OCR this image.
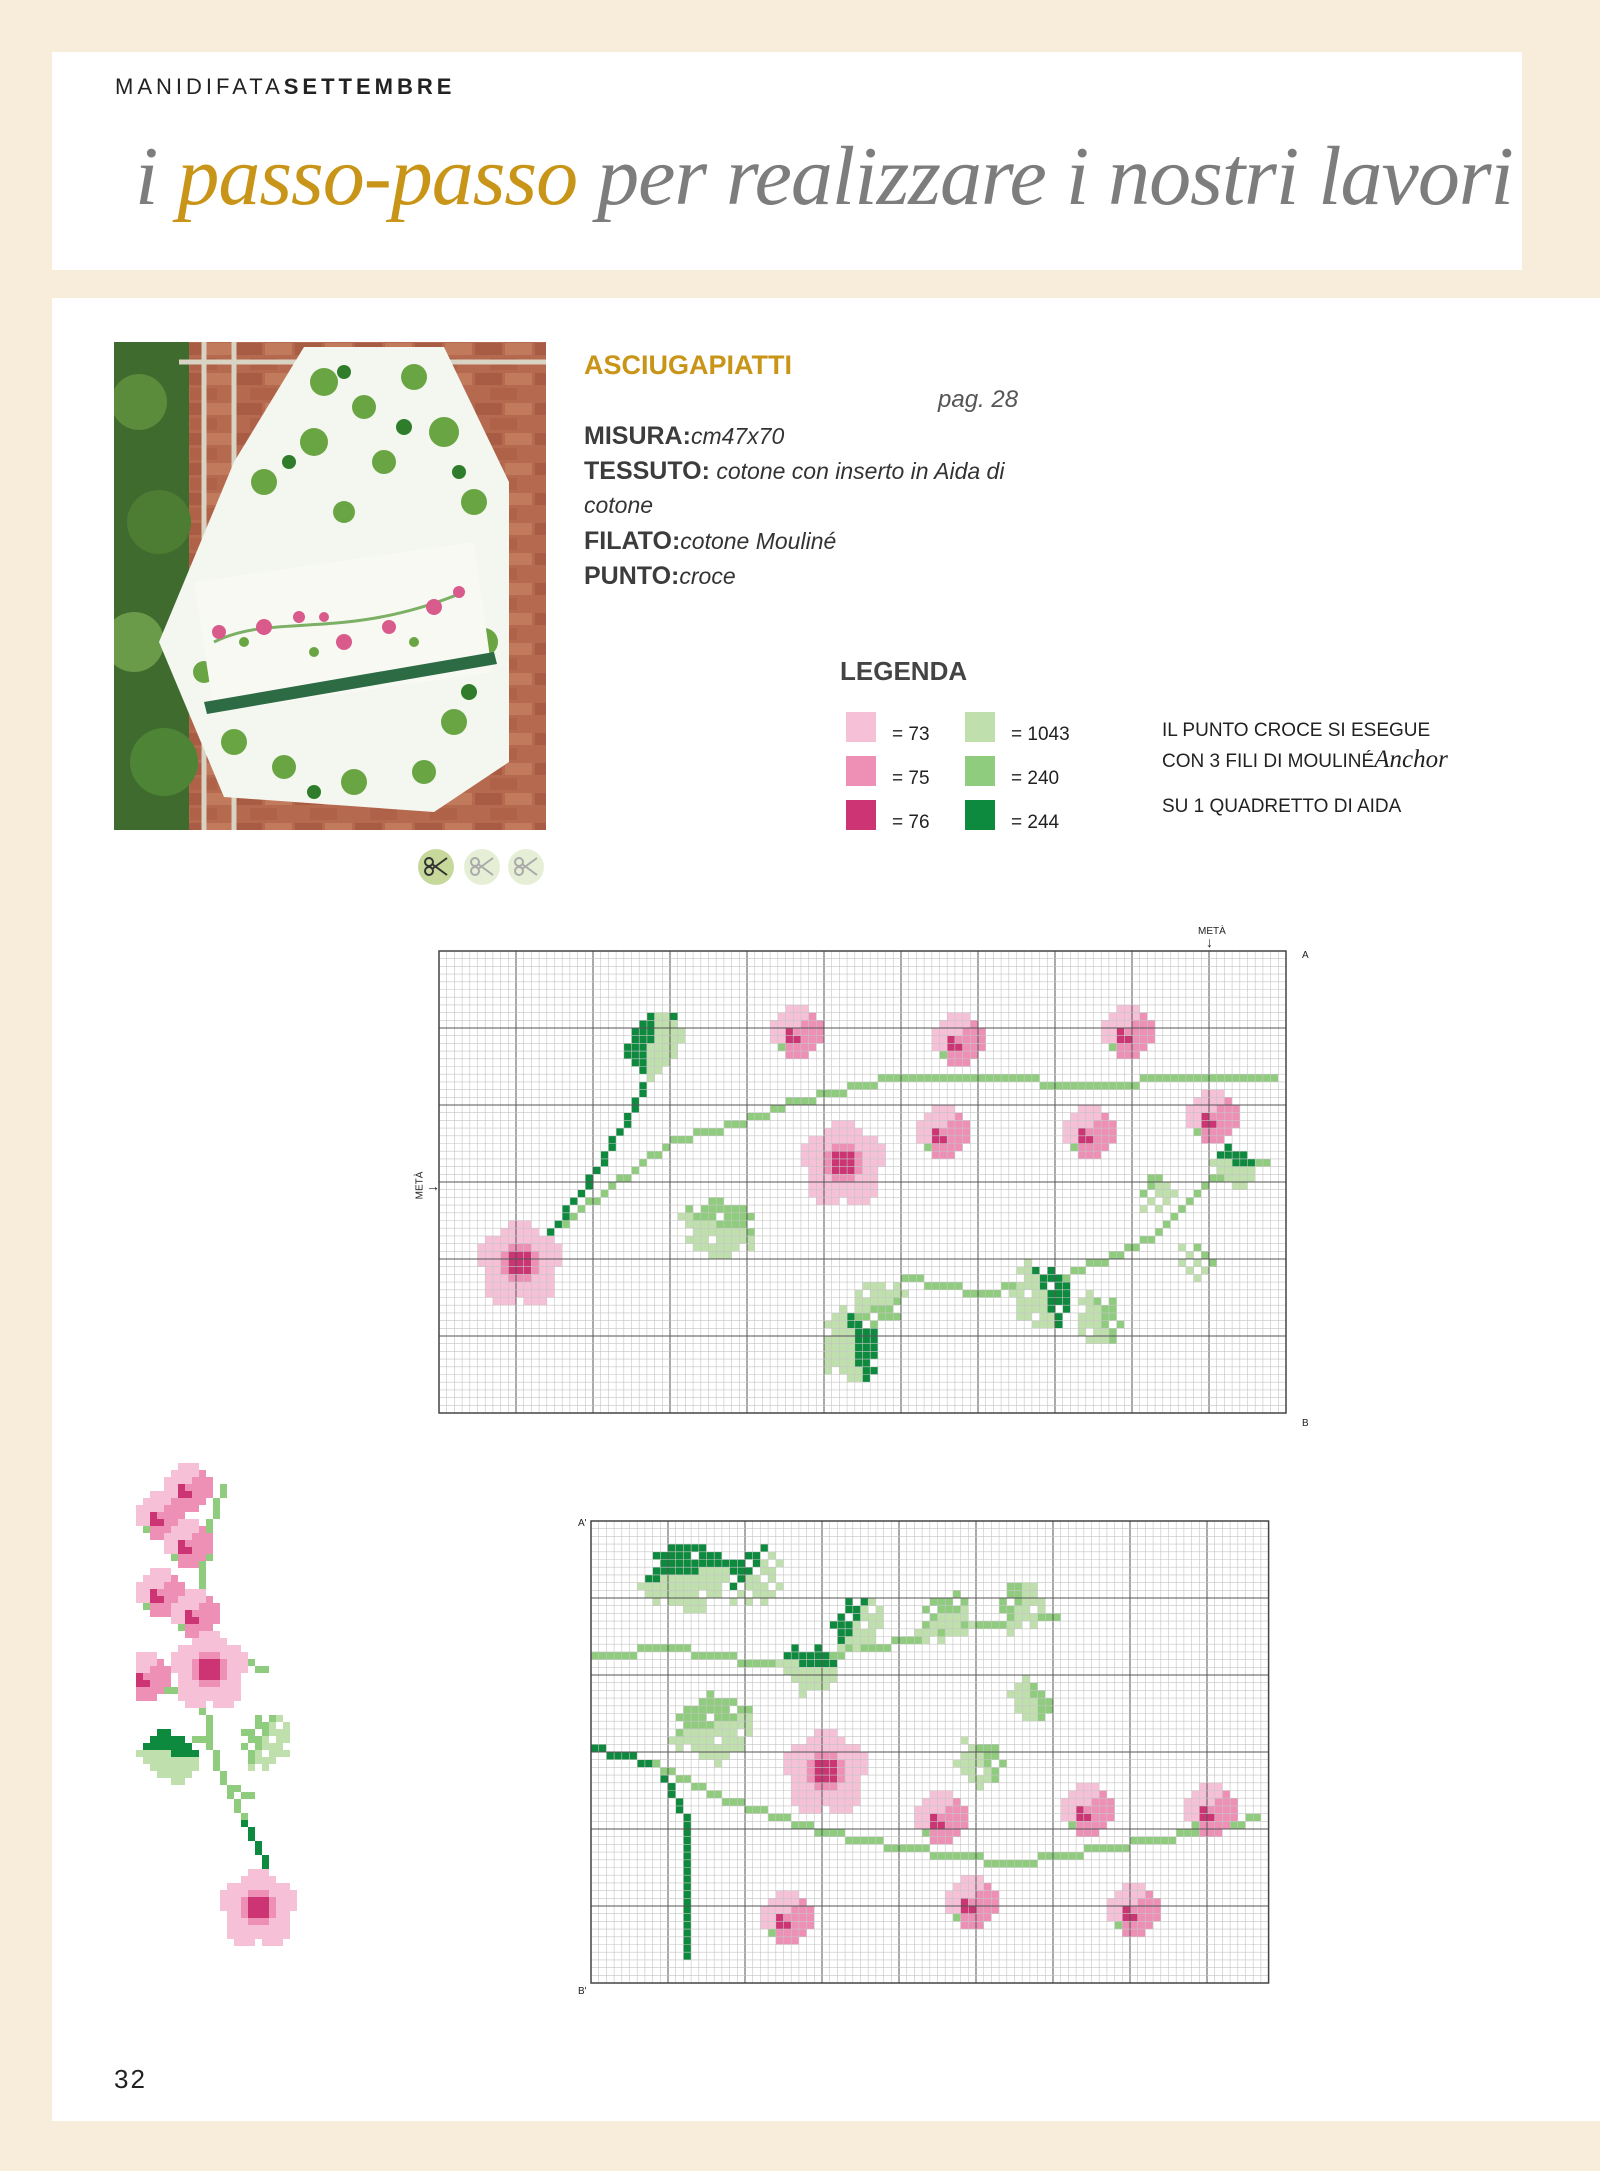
MANIDIFATASETTEMBRE
i passo-passo per realizzare i nostri lavori
ASCIUGAPIATTI
pag. 28
MISURA:cm47x70
TESSUTO: cotone con inserto in Aida di
cotone
FILATO:cotone Mouliné
PUNTO:croce
LEGENDA
= 73
= 75
= 76
= 1043
= 240
= 244
IL PUNTO CROCE SI ESEGUE
CON 3 FILI DI MOULINÉAnchor
SU 1 QUADRETTO DI AIDA
METÀ
↓
METÀ →
A
B
A'
B'
32
